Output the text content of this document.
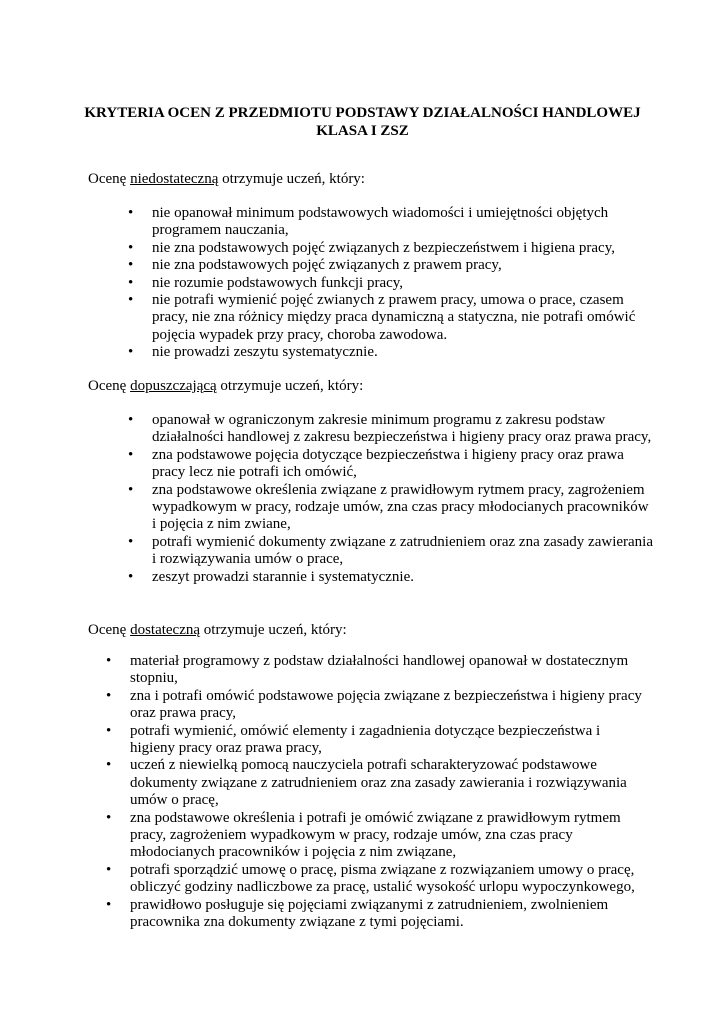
KRYTERIA OCEN Z PRZEDMIOTU PODSTAWY DZIAŁALNOŚCI HANDLOWEJ
KLASA I ZSZ
Ocenę niedostateczną otrzymuje uczeń, który:
• nie opanował minimum podstawowych wiadomości i umiejętności objętych programem nauczania,
• nie zna podstawowych pojęć związanych z bezpieczeństwem i higiena pracy,
• nie zna podstawowych pojęć związanych z prawem pracy,
• nie rozumie podstawowych funkcji pracy,
• nie potrafi wymienić pojęć zwianych z prawem pracy, umowa o prace, czasem pracy, nie zna różnicy między praca dynamiczną a statyczna, nie potrafi omówić pojęcia wypadek przy pracy, choroba zawodowa.
• nie prowadzi zeszytu systematycznie.
Ocenę dopuszczającą otrzymuje uczeń, który:
• opanował w ograniczonym zakresie minimum programu z zakresu podstaw działalności handlowej z zakresu bezpieczeństwa i higieny pracy oraz prawa pracy,
• zna podstawowe pojęcia dotyczące bezpieczeństwa i higieny pracy oraz prawa pracy lecz nie potrafi ich omówić,
• zna podstawowe określenia związane z prawidłowym rytmem pracy, zagrożeniem wypadkowym w pracy, rodzaje umów, zna czas pracy młodocianych pracowników i pojęcia z nim zwiane,
• potrafi wymienić dokumenty związane z zatrudnieniem oraz zna zasady zawierania i rozwiązywania umów o prace,
• zeszyt prowadzi starannie i systematycznie.
Ocenę dostateczną otrzymuje uczeń, który:
• materiał programowy z podstaw działalności handlowej opanował w dostatecznym stopniu,
• zna i potrafi omówić podstawowe pojęcia związane z bezpieczeństwa i higieny pracy oraz prawa pracy,
• potrafi wymienić, omówić elementy i zagadnienia dotyczące bezpieczeństwa i higieny pracy oraz prawa pracy,
• uczeń z niewielką pomocą nauczyciela potrafi scharakteryzować podstawowe dokumenty związane z zatrudnieniem oraz zna zasady zawierania i rozwiązywania umów o pracę,
• zna podstawowe określenia i potrafi je omówić związane z prawidłowym rytmem pracy, zagrożeniem wypadkowym w pracy, rodzaje umów, zna czas pracy młodocianych pracowników i pojęcia z nim związane,
• potrafi sporządzić umowę o pracę, pisma związane z rozwiązaniem umowy o pracę, obliczyć godziny nadliczbowe za pracę, ustalić wysokość urlopu wypoczynkowego,
• prawidłowo posługuje się pojęciami związanymi z zatrudnieniem, zwolnieniem pracownika zna dokumenty związane z tymi pojęciami.
